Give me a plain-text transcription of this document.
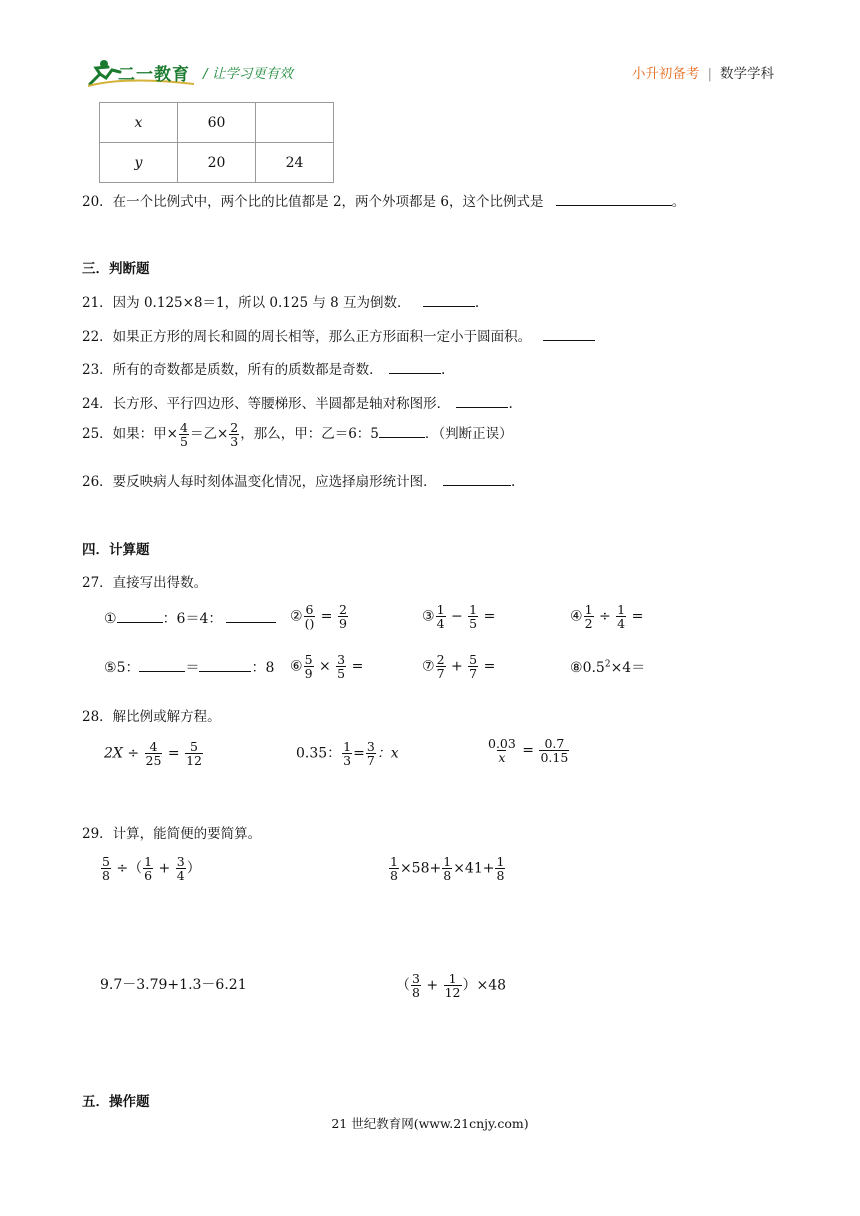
二一教育 / 让学习更有效	小升初备考 | 数学学科
x	60	
y	20	24
20．在一个比例式中，两个比的比值都是 2，两个外项都是 6，这个比例式是	。
三．判断题
21．因为 0.125×8＝1，所以 0.125 与 8 互为倒数．	.
22．如果正方形的周长和圆的周长相等，那么正方形面积一定小于圆面积。
23．所有的奇数都是质数，所有的质数都是奇数．	.
24．长方形、平行四边形、等腰梯形、半圆都是轴对称图形．	.
25．如果：甲× $\frac{4}{5}$ ＝乙× $\frac{2}{3}$ ，那么，甲：乙＝6：5	．（判断正误）
26．要反映病人每时刻体温变化情况，应选择扇形统计图．	.
四．计算题
27．直接写出得数。
①	：6＝4：	② $\frac{6}{()} = \frac{2}{9}$	③ $\frac{1}{4} - \frac{1}{5}$ =	④ $\frac{1}{2} \div \frac{1}{4}$ =
⑤5：	＝	：8 ⑥ $\frac{5}{9} \times \frac{3}{5}$ =	⑦ $\frac{2}{7} + \frac{5}{7}$ =	$⑧0.5^2\times 4=$
28．解比例或解方程。
$2X \div \frac{4}{25} = \frac{5}{12}$	0.35： $\frac{1}{3} = \frac{3}{7}$ ：x	$\frac{0.03}{x} = \frac{0.7}{0.15}$
29．计算，能简便的要简算。
$\frac{5}{8}$ ÷（ $\frac{1}{6} + \frac{3}{4}$ ）	$\frac{1}{8} \times 58+ \frac{1}{8} \times 41+ \frac{1}{8}$
9.7－3.79+1.3－6.21	（ $\frac{3}{8} + \frac{1}{12} )\times 48$
五．操作题
21 世纪教育网(www.21cnjy.com)
